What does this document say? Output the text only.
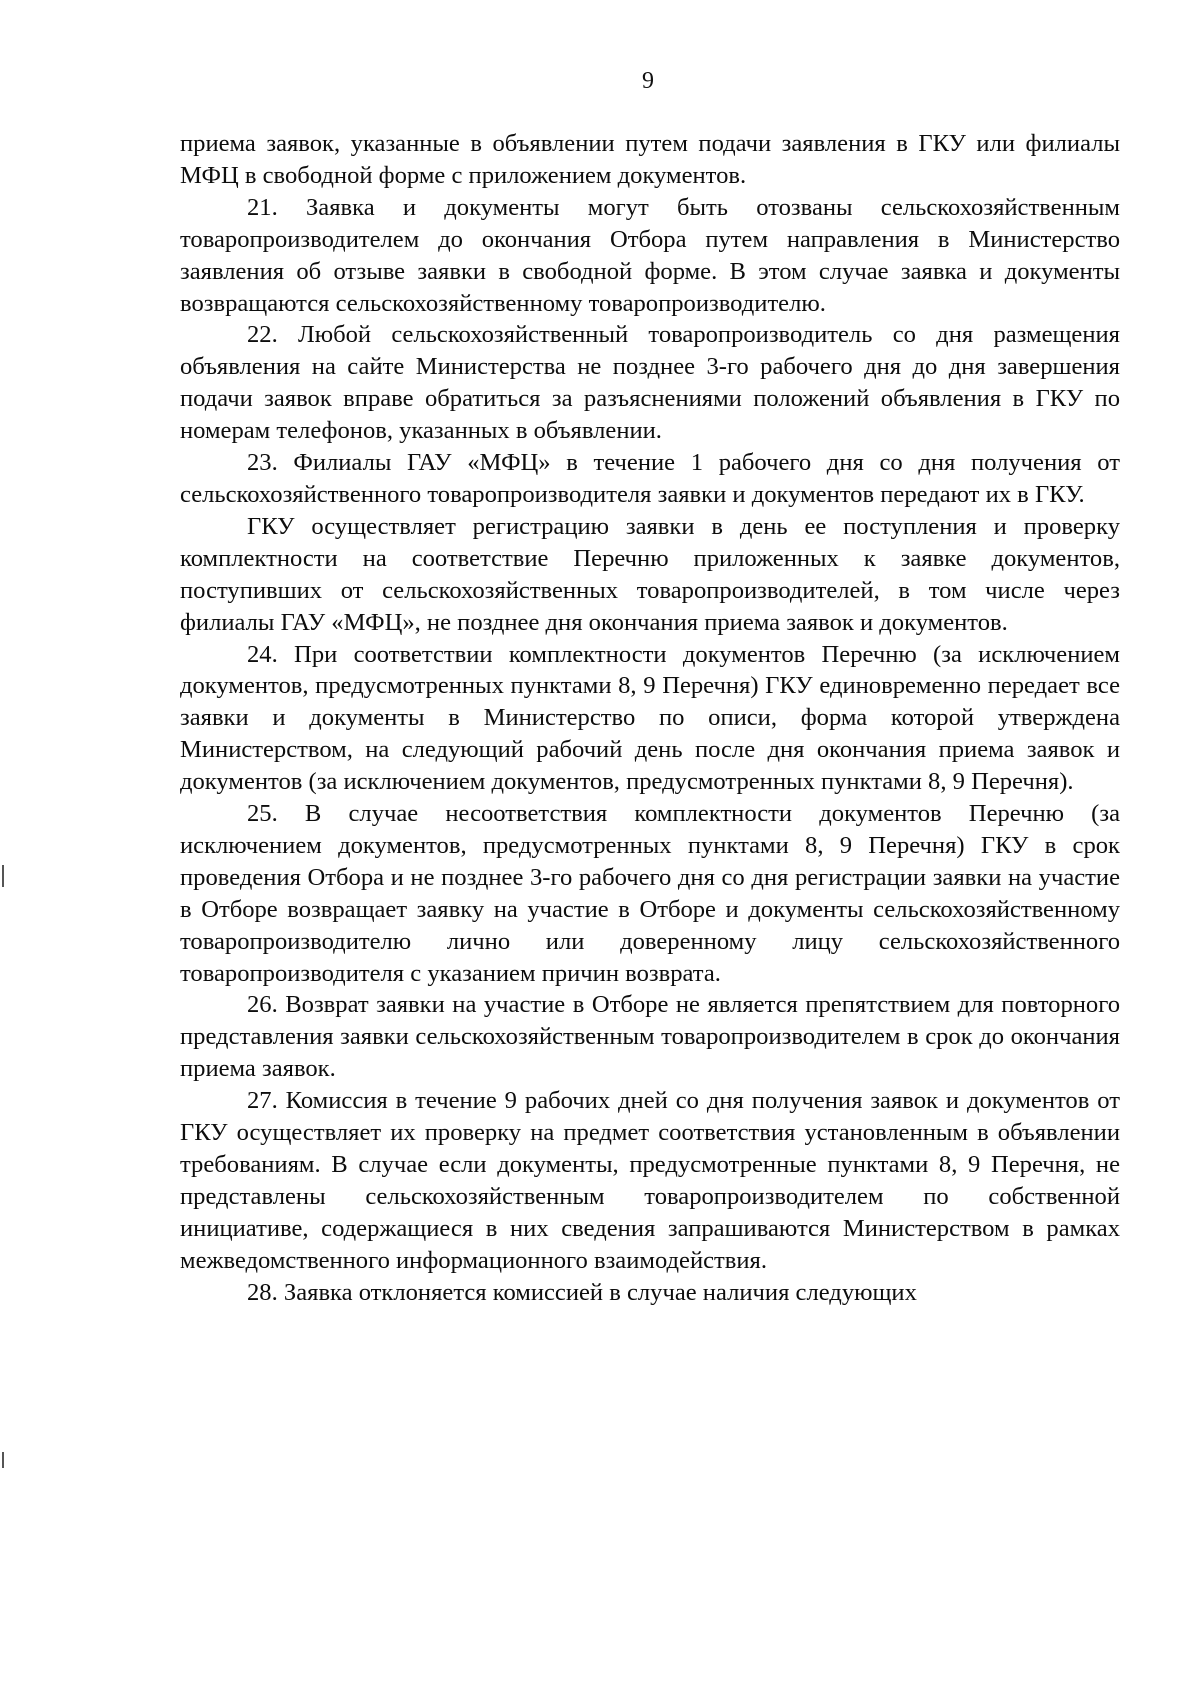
9

приема заявок, указанные в объявлении путем подачи заявления в ГКУ или филиалы МФЦ в свободной форме с приложением документов.

21. Заявка и документы могут быть отозваны сельскохозяйственным товаропроизводителем до окончания Отбора путем направления в Министерство заявления об отзыве заявки в свободной форме. В этом случае заявка и документы возвращаются сельскохозяйственному товаропроизводителю.

22. Любой сельскохозяйственный товаропроизводитель со дня размещения объявления на сайте Министерства не позднее 3-го рабочего дня до дня завершения подачи заявок вправе обратиться за разъяснениями положений объявления в ГКУ по номерам телефонов, указанных в объявлении.

23. Филиалы ГАУ «МФЦ» в течение 1 рабочего дня со дня получения от сельскохозяйственного товаропроизводителя заявки и документов передают их в ГКУ.

ГКУ осуществляет регистрацию заявки в день ее поступления и проверку комплектности на соответствие Перечню приложенных к заявке документов, поступивших от сельскохозяйственных товаропроизводителей, в том числе через филиалы ГАУ «МФЦ», не позднее дня окончания приема заявок и документов.

24. При соответствии комплектности документов Перечню (за исключением документов, предусмотренных пунктами 8, 9 Перечня) ГКУ единовременно передает все заявки и документы в Министерство по описи, форма которой утверждена Министерством, на следующий рабочий день после дня окончания приема заявок и документов (за исключением документов, предусмотренных пунктами 8, 9 Перечня).

25. В случае несоответствия комплектности документов Перечню (за исключением документов, предусмотренных пунктами 8, 9 Перечня) ГКУ в срок проведения Отбора и не позднее 3-го рабочего дня со дня регистрации заявки на участие в Отборе возвращает заявку на участие в Отборе и документы сельскохозяйственному товаропроизводителю лично или доверенному лицу сельскохозяйственного товаропроизводителя с указанием причин возврата.

26. Возврат заявки на участие в Отборе не является препятствием для повторного представления заявки сельскохозяйственным товаропроизводителем в срок до окончания приема заявок.

27. Комиссия в течение 9 рабочих дней со дня получения заявок и документов от ГКУ осуществляет их проверку на предмет соответствия установленным в объявлении требованиям. В случае если документы, предусмотренные пунктами 8, 9 Перечня, не представлены сельскохозяйственным товаропроизводителем по собственной инициативе, содержащиеся в них сведения запрашиваются Министерством в рамках межведомственного информационного взаимодействия.

28. Заявка отклоняется комиссией в случае наличия следующих
